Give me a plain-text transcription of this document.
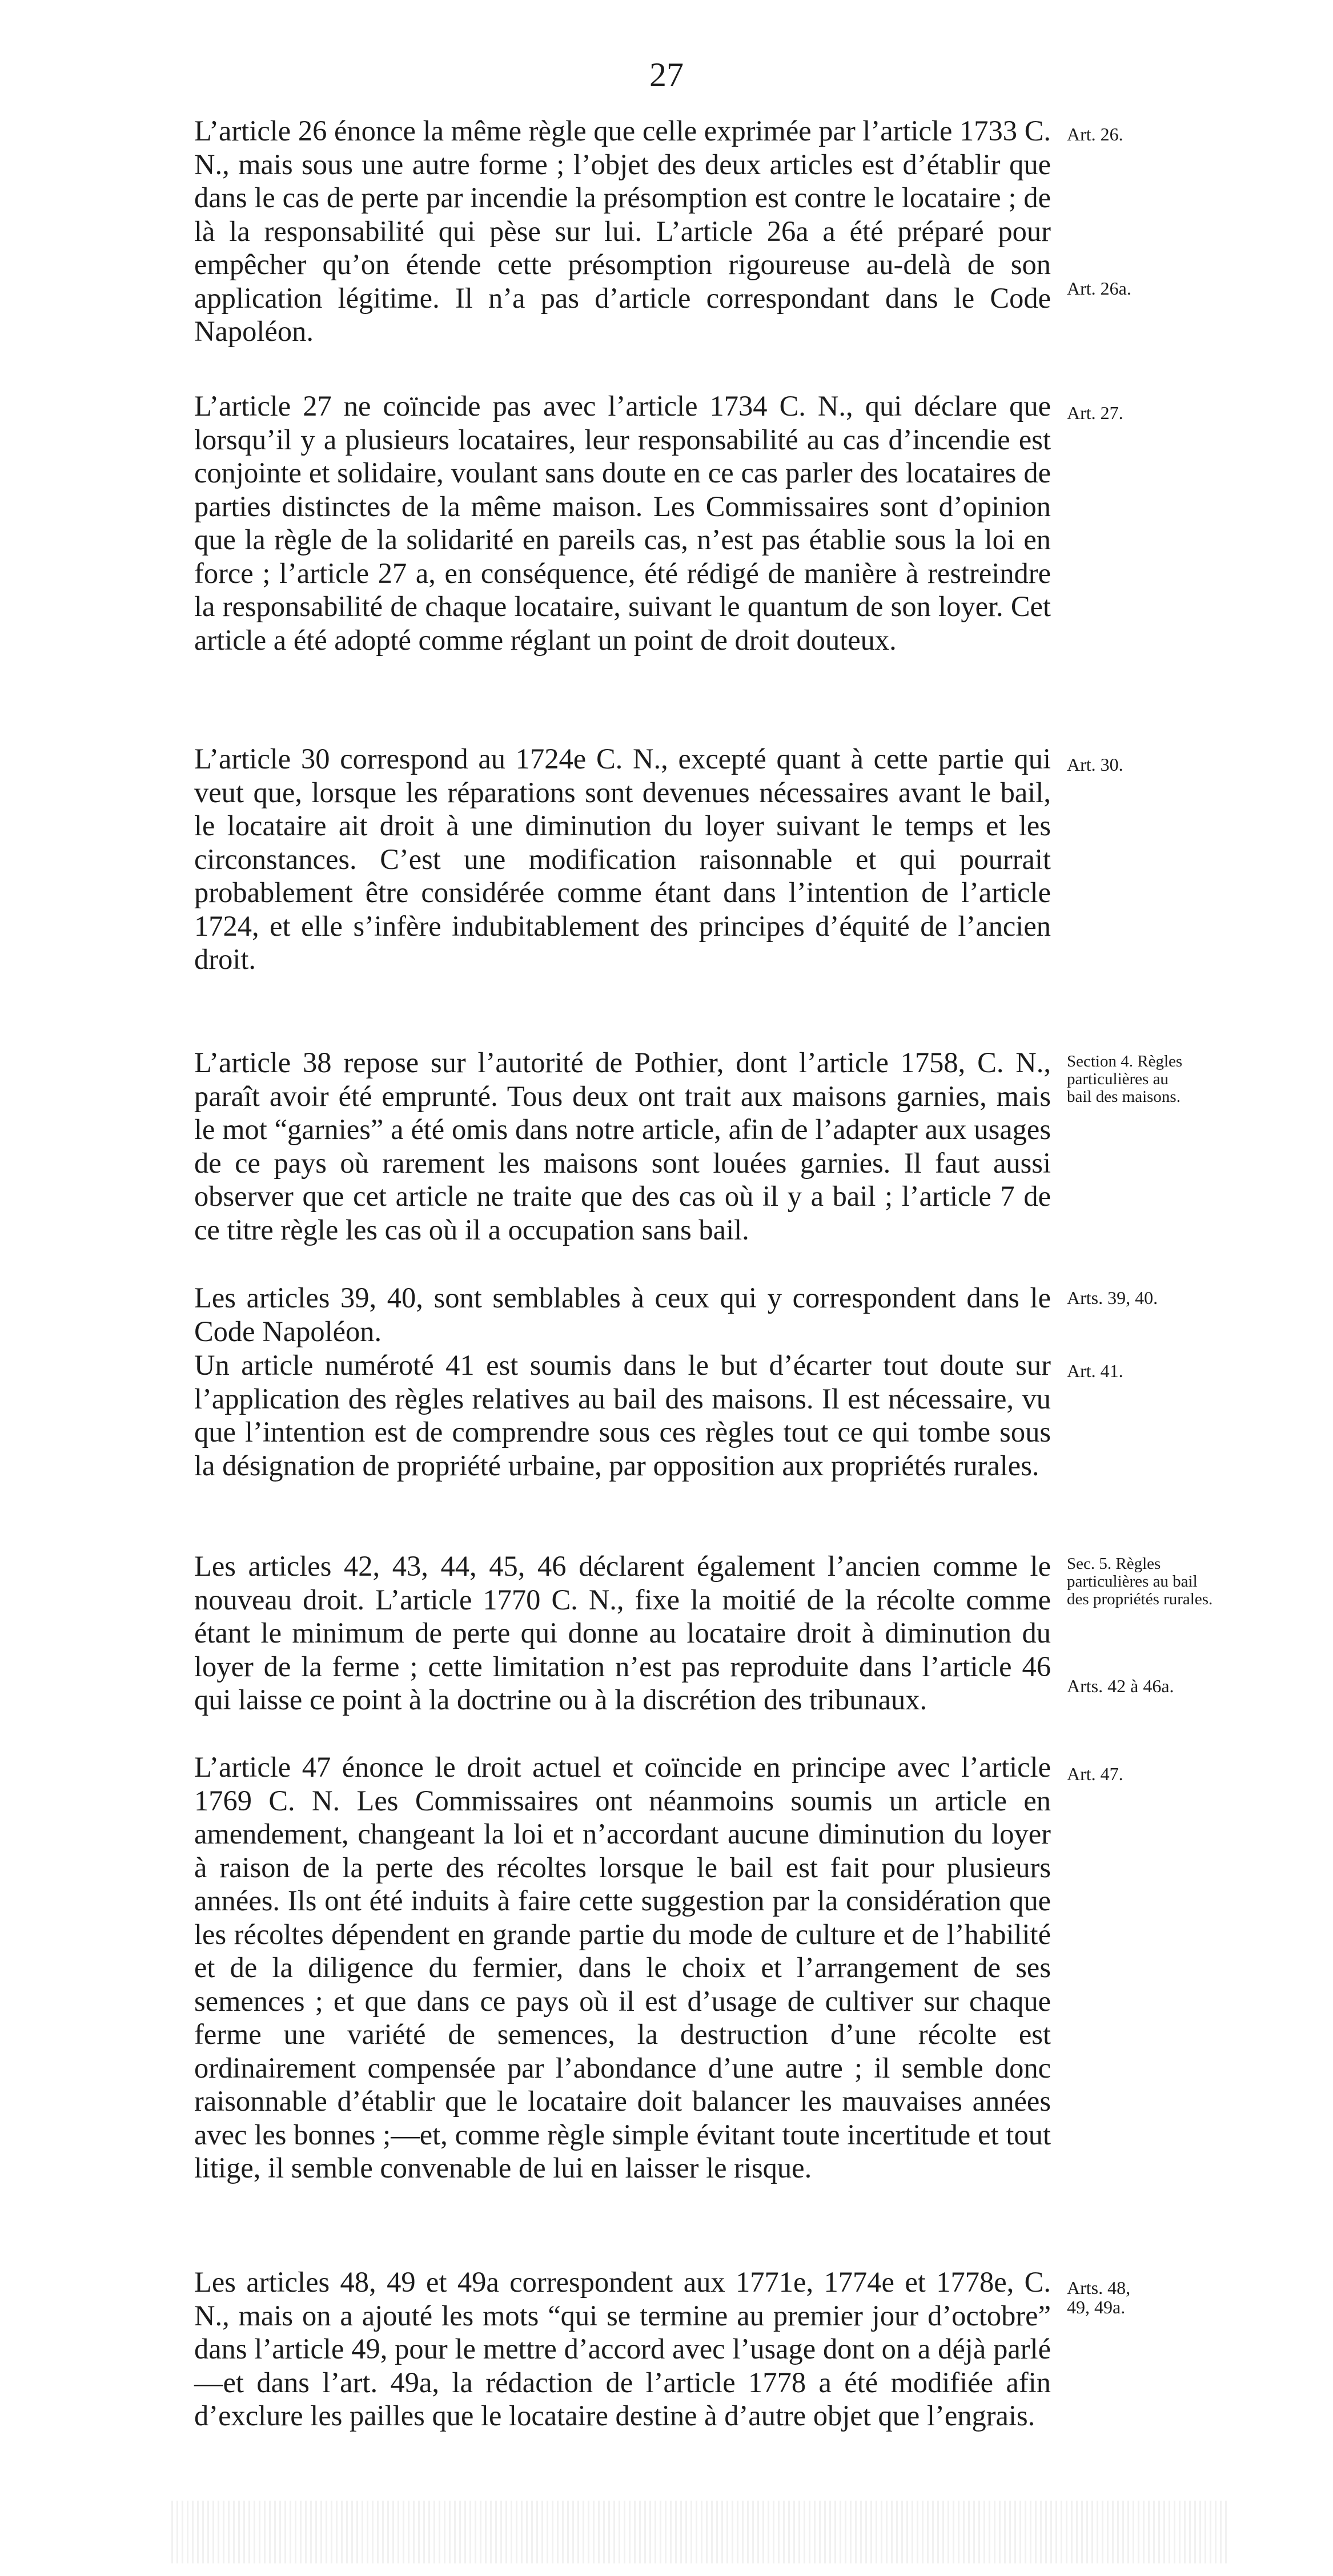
27
L’article 26 énonce la même règle que celle exprimée par l’article 1733 C. N., mais sous une autre forme ; l’objet des deux articles est d’établir que dans le cas de perte par incendie la présomption est contre le locataire ; de là la responsabilité qui pèse sur lui. L’article 26a a été préparé pour empêcher qu’on étende cette présomption rigoureuse au-delà de son application légitime. Il n’a pas d’article correspondant dans le Code Napoléon.
Art. 26.
Art. 26a.
L’article 27 ne coïncide pas avec l’article 1734 C. N., qui déclare que lorsqu’il y a plusieurs locataires, leur responsabilité au cas d’incendie est conjointe et solidaire, voulant sans doute en ce cas parler des locataires de parties distinctes de la même maison. Les Commissaires sont d’opinion que la règle de la solidarité en pareils cas, n’est pas établie sous la loi en force ; l’article 27 a, en conséquence, été rédigé de manière à restreindre la responsabilité de chaque locataire, suivant le quantum de son loyer. Cet article a été adopté comme réglant un point de droit douteux.
Art. 27.
L’article 30 correspond au 1724e C. N., excepté quant à cette partie qui veut que, lorsque les réparations sont devenues nécessaires avant le bail, le locataire ait droit à une diminution du loyer suivant le temps et les circonstances. C’est une modification raisonnable et qui pourrait probablement être considérée comme étant dans l’intention de l’article 1724, et elle s’infère indubitablement des principes d’équité de l’ancien droit.
Art. 30.
L’article 38 repose sur l’autorité de Pothier, dont l’article 1758, C. N., paraît avoir été emprunté. Tous deux ont trait aux maisons garnies, mais le mot “garnies” a été omis dans notre article, afin de l’adapter aux usages de ce pays où rarement les maisons sont louées garnies. Il faut aussi observer que cet article ne traite que des cas où il y a bail ; l’article 7 de ce titre règle les cas où il a occupation sans bail.
Section 4. Règles particulières au bail des maisons.
Les articles 39, 40, sont semblables à ceux qui y correspondent dans le Code Napoléon.
Arts. 39, 40.
Un article numéroté 41 est soumis dans le but d’écarter tout doute sur l’application des règles relatives au bail des maisons. Il est nécessaire, vu que l’intention est de comprendre sous ces règles tout ce qui tombe sous la désignation de propriété urbaine, par opposition aux propriétés rurales.
Art. 41.
Les articles 42, 43, 44, 45, 46 déclarent également l’ancien comme le nouveau droit. L’article 1770 C. N., fixe la moitié de la récolte comme étant le minimum de perte qui donne au locataire droit à diminution du loyer de la ferme ; cette limitation n’est pas reproduite dans l’article 46 qui laisse ce point à la doctrine ou à la discrétion des tribunaux.
Sec. 5. Règles particulières au bail des propriétés rurales.
Arts. 42 à 46a.
L’article 47 énonce le droit actuel et coïncide en principe avec l’article 1769 C. N. Les Commissaires ont néanmoins soumis un article en amendement, changeant la loi et n’accordant aucune diminution du loyer à raison de la perte des récoltes lorsque le bail est fait pour plusieurs années. Ils ont été induits à faire cette suggestion par la considération que les récoltes dépendent en grande partie du mode de culture et de l’habilité et de la diligence du fermier, dans le choix et l’arrangement de ses semences ; et que dans ce pays où il est d’usage de cultiver sur chaque ferme une variété de semences, la destruction d’une récolte est ordinairement compensée par l’abondance d’une autre ; il semble donc raisonnable d’établir que le locataire doit balancer les mauvaises années avec les bonnes ;—et, comme règle simple évitant toute incertitude et tout litige, il semble convenable de lui en laisser le risque.
Art. 47.
Les articles 48, 49 et 49a correspondent aux 1771e, 1774e et 1778e, C. N., mais on a ajouté les mots “qui se termine au premier jour d’octobre” dans l’article 49, pour le mettre d’accord avec l’usage dont on a déjà parlé—et dans l’art. 49a, la rédaction de l’article 1778 a été modifiée afin d’exclure les pailles que le locataire destine à d’autre objet que l’engrais.
Arts. 48, 49, 49a.
